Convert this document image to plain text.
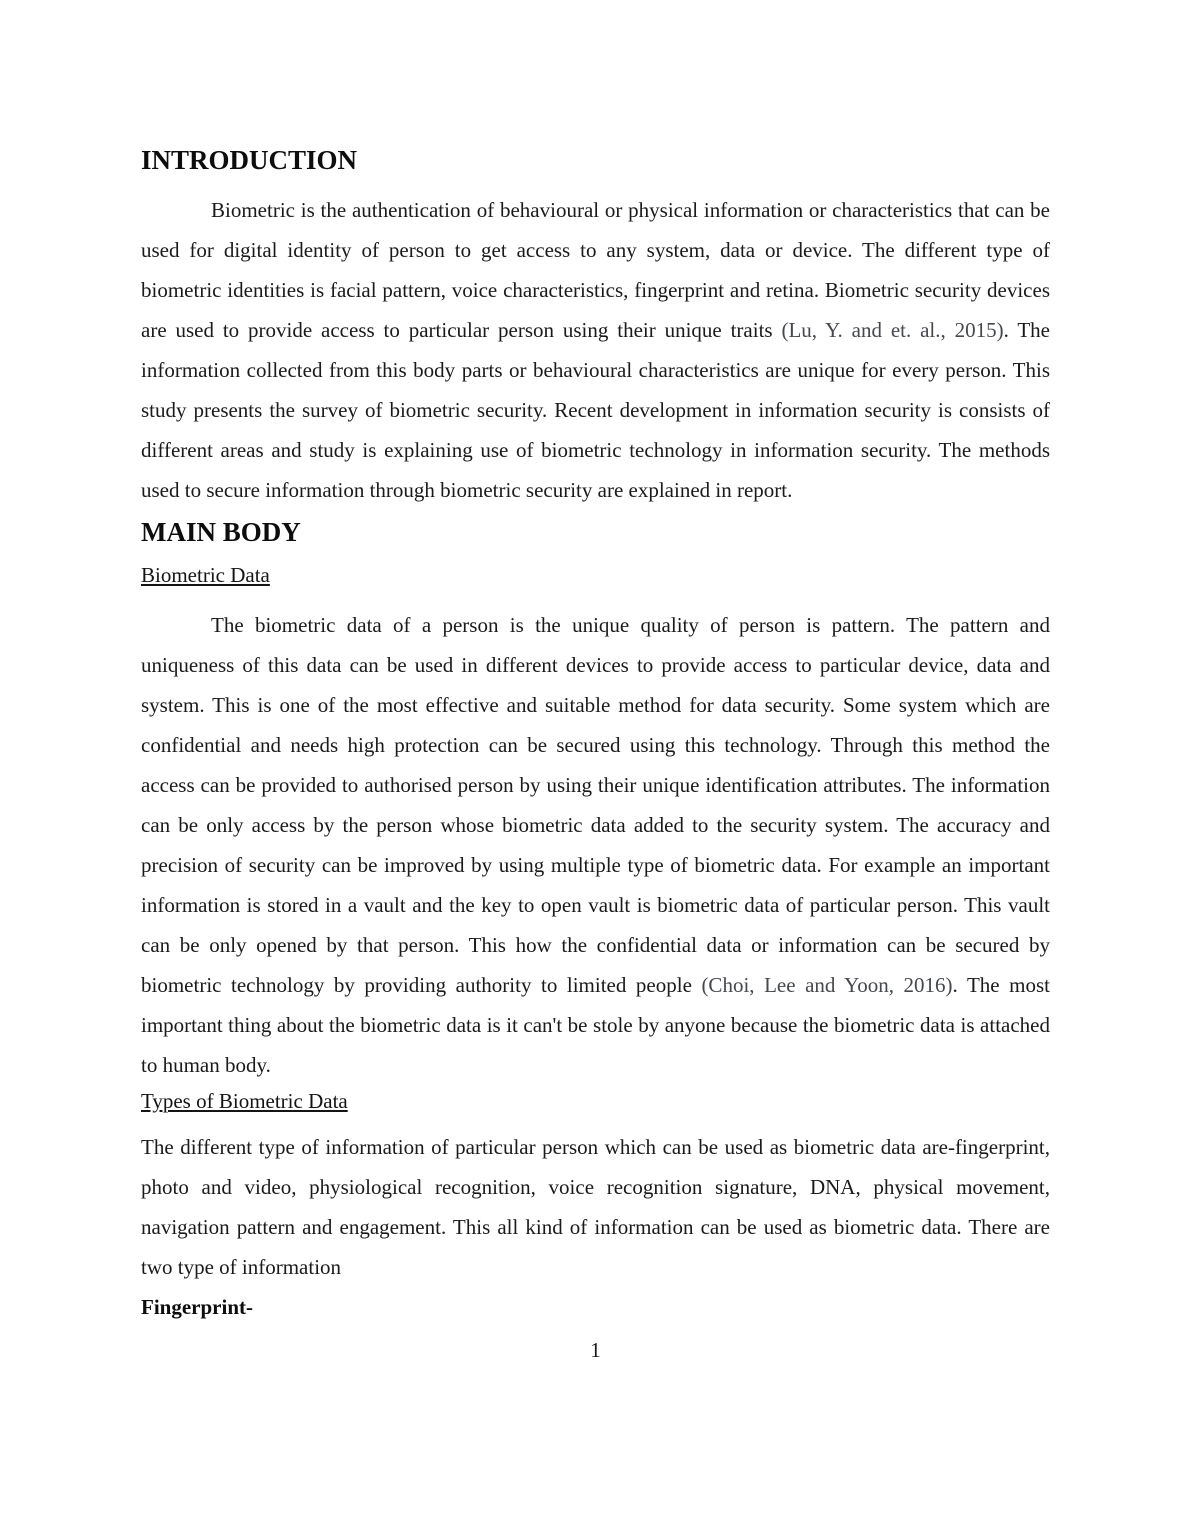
INTRODUCTION

Biometric is the authentication of behavioural or physical information or characteristics that can be used for digital identity of person to get access to any system, data or device. The different type of biometric identities is facial pattern, voice characteristics, fingerprint and retina. Biometric security devices are used to provide access to particular person using their unique traits (Lu, Y. and et. al., 2015). The information collected from this body parts or behavioural characteristics are unique for every person. This study presents the survey of biometric security. Recent development in information security is consists of different areas and study is explaining use of biometric technology in information security. The methods used to secure information through biometric security are explained in report.

MAIN BODY
Biometric Data

The biometric data of a person is the unique quality of person is pattern. The pattern and uniqueness of this data can be used in different devices to provide access to particular device, data and system. This is one of the most effective and suitable method for data security. Some system which are confidential and needs high protection can be secured using this technology. Through this method the access can be provided to authorised person by using their unique identification attributes. The information can be only access by the person whose biometric data added to the security system. The accuracy and precision of security can be improved by using multiple type of biometric data. For example an important information is stored in a vault and the key to open vault is biometric data of particular person. This vault can be only opened by that person. This how the confidential data or information can be secured by biometric technology by providing authority to limited people (Choi, Lee and Yoon, 2016). The most important thing about the biometric data is it can't be stole by anyone because the biometric data is attached to human body.

Types of Biometric Data

The different type of information of particular person which can be used as biometric data are-fingerprint, photo and video, physiological recognition, voice recognition signature, DNA, physical movement, navigation pattern and engagement. This all kind of information can be used as biometric data. There are two type of information

Fingerprint-

1
